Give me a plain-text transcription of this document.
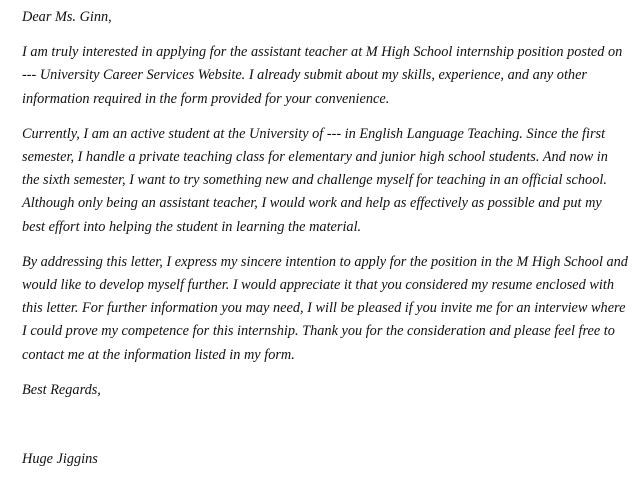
Dear Ms. Ginn,

I am truly interested in applying for the assistant teacher at M High School internship position posted on --- University Career Services Website. I already submit about my skills, experience, and any other information required in the form provided for your convenience.

Currently, I am an active student at the University of --- in English Language Teaching. Since the first semester, I handle a private teaching class for elementary and junior high school students. And now in the sixth semester, I want to try something new and challenge myself for teaching in an official school. Although only being an assistant teacher, I would work and help as effectively as possible and put my best effort into helping the student in learning the material.

By addressing this letter, I express my sincere intention to apply for the position in the M High School and would like to develop myself further. I would appreciate it that you considered my resume enclosed with this letter. For further information you may need, I will be pleased if you invite me for an interview where I could prove my competence for this internship. Thank you for the consideration and please feel free to contact me at the information listed in my form.

Best Regards,

Huge Jiggins
